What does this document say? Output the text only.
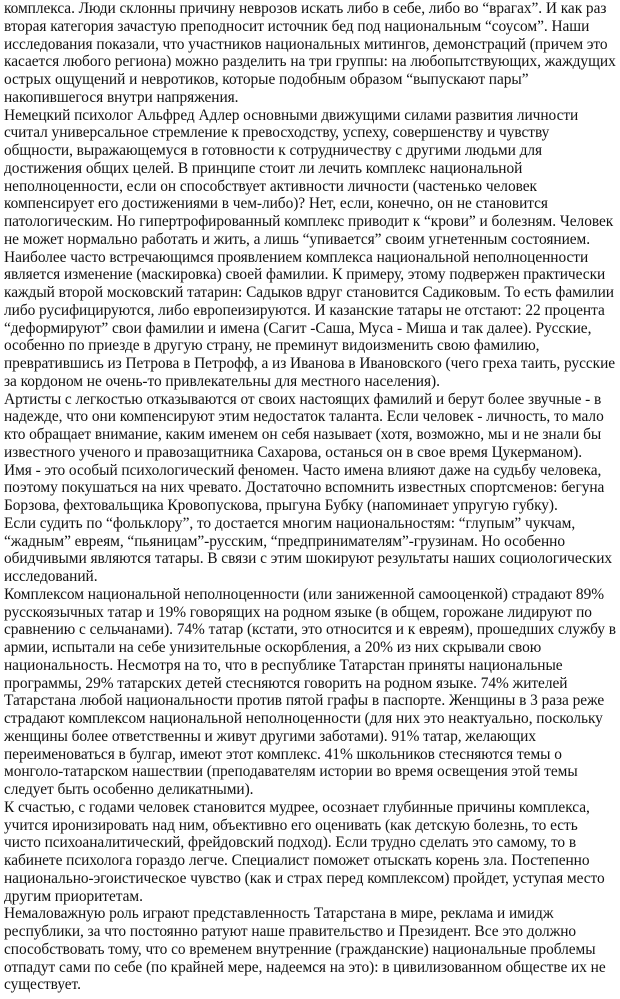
комплекса. Люди склонны причину неврозов искать либо в себе, либо во “врагах”. И как раз вторая категория зачастую преподносит источник бед под национальным “соусом”. Наши исследования показали, что участников национальных митингов, демонстраций (причем это касается любого региона) можно разделить на три группы: на любопытствующих, жаждущих острых ощущений и невротиков, которые подобным образом “выпускают пары” накопившегося внутри напряжения.

Немецкий психолог Альфред Адлер основными движущими силами развития личности считал универсальное стремление к превосходству, успеху, совершенству и чувству общности, выражающемуся в готовности к сотрудничеству с другими людьми для достижения общих целей. В принципе стоит ли лечить комплекс национальной неполноценности, если он способствует активности личности (частенько человек компенсирует его достижениями в чем-либо)? Нет, если, конечно, он не становится патологическим. Но гипертрофированный комплекс приводит к “крови” и болезням. Человек не может нормально работать и жить, а лишь “упивается” своим угнетенным состоянием.

Наиболее часто встречающимся проявлением комплекса национальной неполноценности является изменение (маскировка) своей фамилии. К примеру, этому подвержен практически каждый второй московский татарин: Садыков вдруг становится Садиковым. То есть фамилии либо русифицируются, либо европеизируются. И казанские татары не отстают: 22 процента “деформируют” свои фамилии и имена (Сагит -Саша, Муса - Миша и так далее). Русские, особенно по приезде в другую страну, не преминут видоизменить свою фамилию, превратившись из Петрова в Петрофф, а из Иванова в Ивановского (чего греха таить, русские за кордоном не очень-то привлекательны для местного населения).

Артисты с легкостью отказываются от своих настоящих фамилий и берут более звучные - в надежде, что они компенсируют этим недостаток таланта. Если человек - личность, то мало кто обращает внимание, каким именем он себя называет (хотя, возможно, мы и не знали бы известного ученого и правозащитника Сахарова, останься он в свое время Цукерманом).

Имя - это особый психологический феномен. Часто имена влияют даже на судьбу человека, поэтому покушаться на них чревато. Достаточно вспомнить известных спортсменов: бегуна Борзова, фехтовальщика Кровопускова, прыгуна Бубку (напоминает упругую губку).

Если судить по “фольклору”, то достается многим национальностям: “глупым” чукчам, “жадным” евреям, “пьяницам”-русским, “предпринимателям”-грузинам. Но особенно обидчивыми являются татары. В связи с этим шокируют результаты наших социологических исследований.

Комплексом национальной неполноценности (или заниженной самооценкой) страдают 89% русскоязычных татар и 19% говорящих на родном языке (в общем, горожане лидируют по сравнению с сельчанами). 74% татар (кстати, это относится и к евреям), прошедших службу в армии, испытали на себе унизительные оскорбления, а 20% из них скрывали свою национальность. Несмотря на то, что в республике Татарстан приняты национальные программы, 29% татарских детей стесняются говорить на родном языке. 74% жителей Татарстана любой национальности против пятой графы в паспорте. Женщины в 3 раза реже страдают комплексом национальной неполноценности (для них это неактуально, поскольку женщины более ответственны и живут другими заботами). 91% татар, желающих переименоваться в булгар, имеют этот комплекс. 41% школьников стесняются темы о монголо-татарском нашествии (преподавателям истории во время освещения этой темы следует быть особенно деликатными).

К счастью, с годами человек становится мудрее, осознает глубинные причины комплекса, учится иронизировать над ним, объективно его оценивать (как детскую болезнь, то есть чисто психоаналитический, фрейдовский подход). Если трудно сделать это самому, то в кабинете психолога гораздо легче. Специалист поможет отыскать корень зла. Постепенно национально-эгоистическое чувство (как и страх перед комплексом) пройдет, уступая место другим приоритетам.

Немаловажную роль играют представленность Татарстана в мире, реклама и имидж республики, за что постоянно ратуют наше правительство и Президент. Все это должно способствовать тому, что со временем внутренние (гражданские) национальные проблемы отпадут сами по себе (по крайней мере, надеемся на это): в цивилизованном обществе их не существует.
